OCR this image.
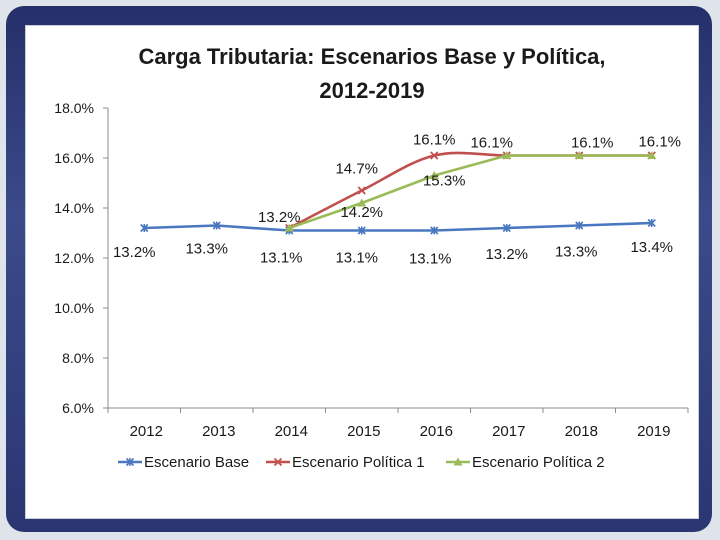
Carga Tributaria: Escenarios Base y Política,
2012-2019
6.0%
8.0%
10.0%
12.0%
14.0%
16.0%
18.0%
2012	2013	2014	2015	2016	2017	2018	2019
13.2% 13.3%
13.1% 13.1% 13.1% 13.2% 13.3% 13.4%
13.2%
14.7%
16.1% 16.1%	16.1% 16.1%
14.2%
15.3%
Escenario Base	Escenario Política 1	Escenario Política 2
